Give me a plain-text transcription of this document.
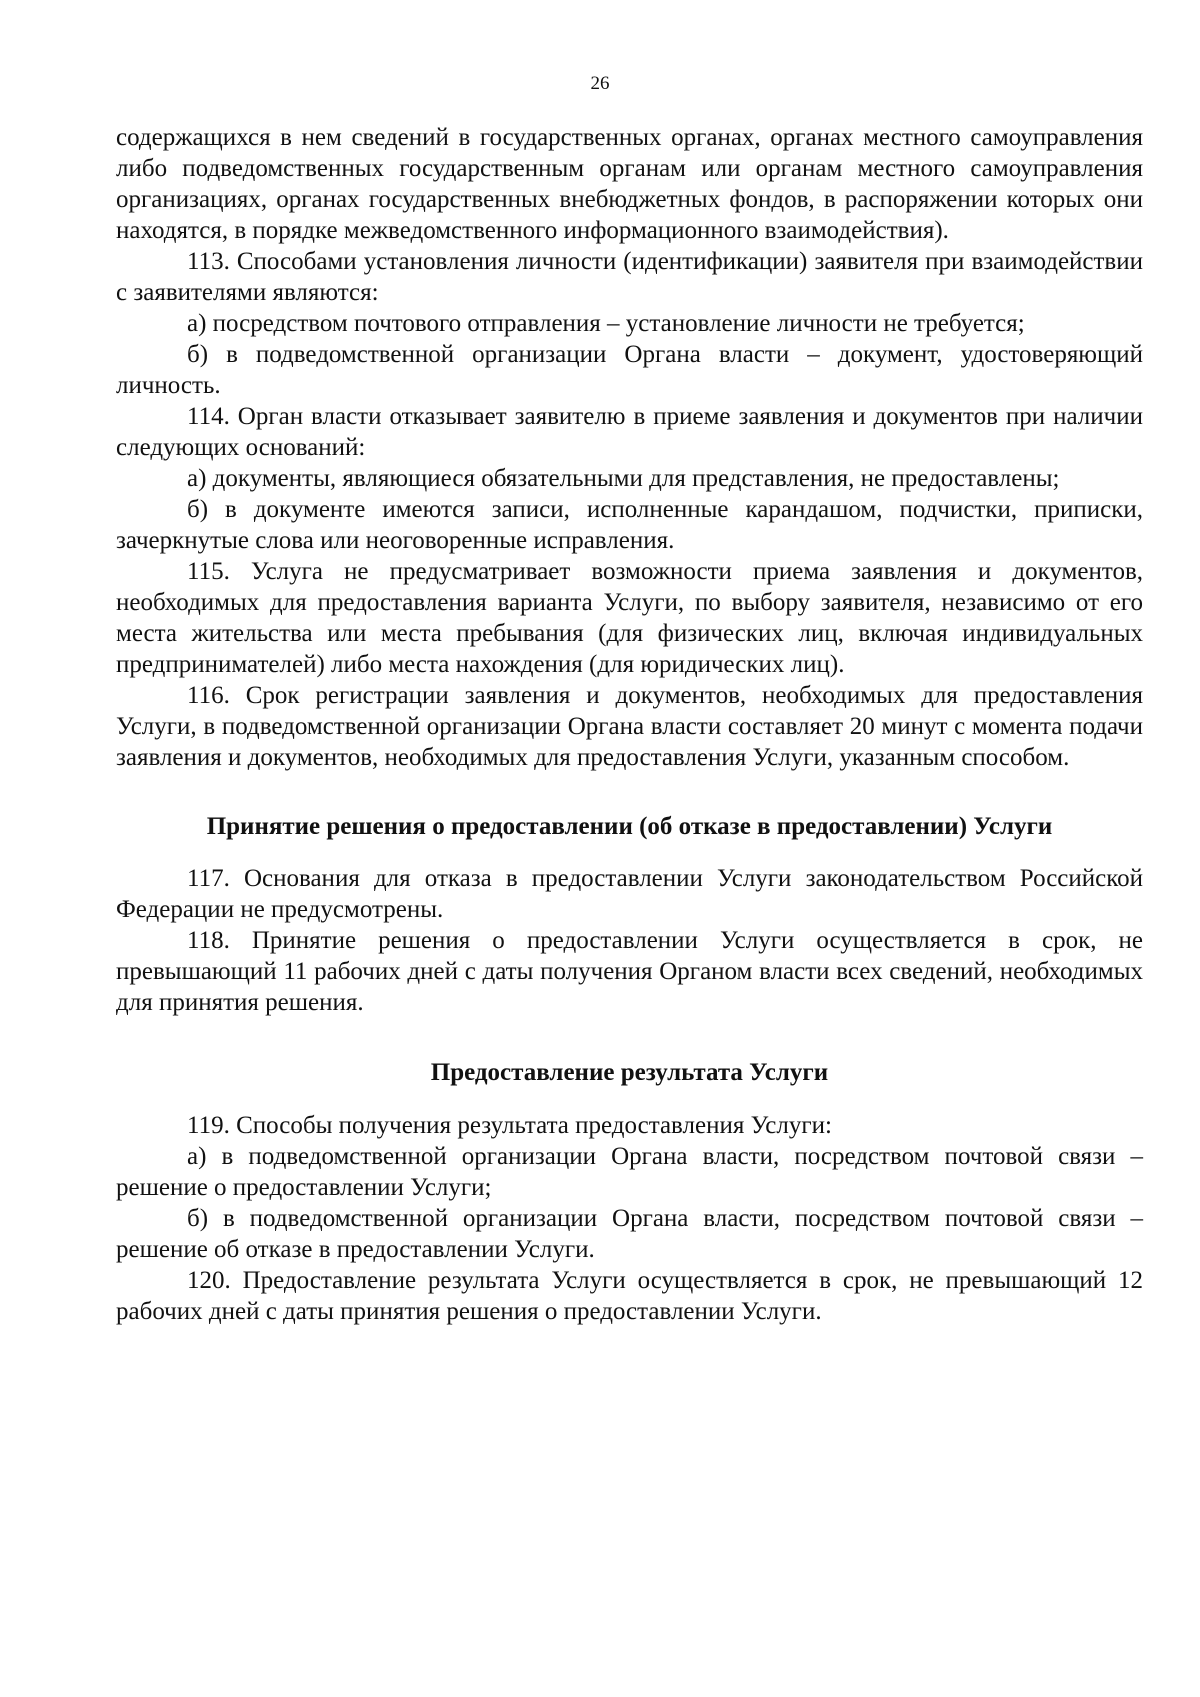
26

содержащихся в нем сведений в государственных органах, органах местного самоуправления либо подведомственных государственным органам или органам местного самоуправления организациях, органах государственных внебюджетных фондов, в распоряжении которых они находятся, в порядке межведомственного информационного взаимодействия).

113. Способами установления личности (идентификации) заявителя при взаимодействии с заявителями являются:

а) посредством почтового отправления – установление личности не требуется;

б) в подведомственной организации Органа власти – документ, удостоверяющий личность.

114. Орган власти отказывает заявителю в приеме заявления и документов при наличии следующих оснований:

а) документы, являющиеся обязательными для представления, не предоставлены;

б) в документе имеются записи, исполненные карандашом, подчистки, приписки, зачеркнутые слова или неоговоренные исправления.

115. Услуга не предусматривает возможности приема заявления и документов, необходимых для предоставления варианта Услуги, по выбору заявителя, независимо от его места жительства или места пребывания (для физических лиц, включая индивидуальных предпринимателей) либо места нахождения (для юридических лиц).

116. Срок регистрации заявления и документов, необходимых для предоставления Услуги, в подведомственной организации Органа власти составляет 20 минут с момента подачи заявления и документов, необходимых для предоставления Услуги, указанным способом.

Принятие решения о предоставлении (об отказе в предоставлении) Услуги

117. Основания для отказа в предоставлении Услуги законодательством Российской Федерации не предусмотрены.

118. Принятие решения о предоставлении Услуги осуществляется в срок, не превышающий 11 рабочих дней с даты получения Органом власти всех сведений, необходимых для принятия решения.

Предоставление результата Услуги

119. Способы получения результата предоставления Услуги:

а) в подведомственной организации Органа власти, посредством почтовой связи – решение о предоставлении Услуги;

б) в подведомственной организации Органа власти, посредством почтовой связи – решение об отказе в предоставлении Услуги.

120. Предоставление результата Услуги осуществляется в срок, не превышающий 12 рабочих дней с даты принятия решения о предоставлении Услуги.
